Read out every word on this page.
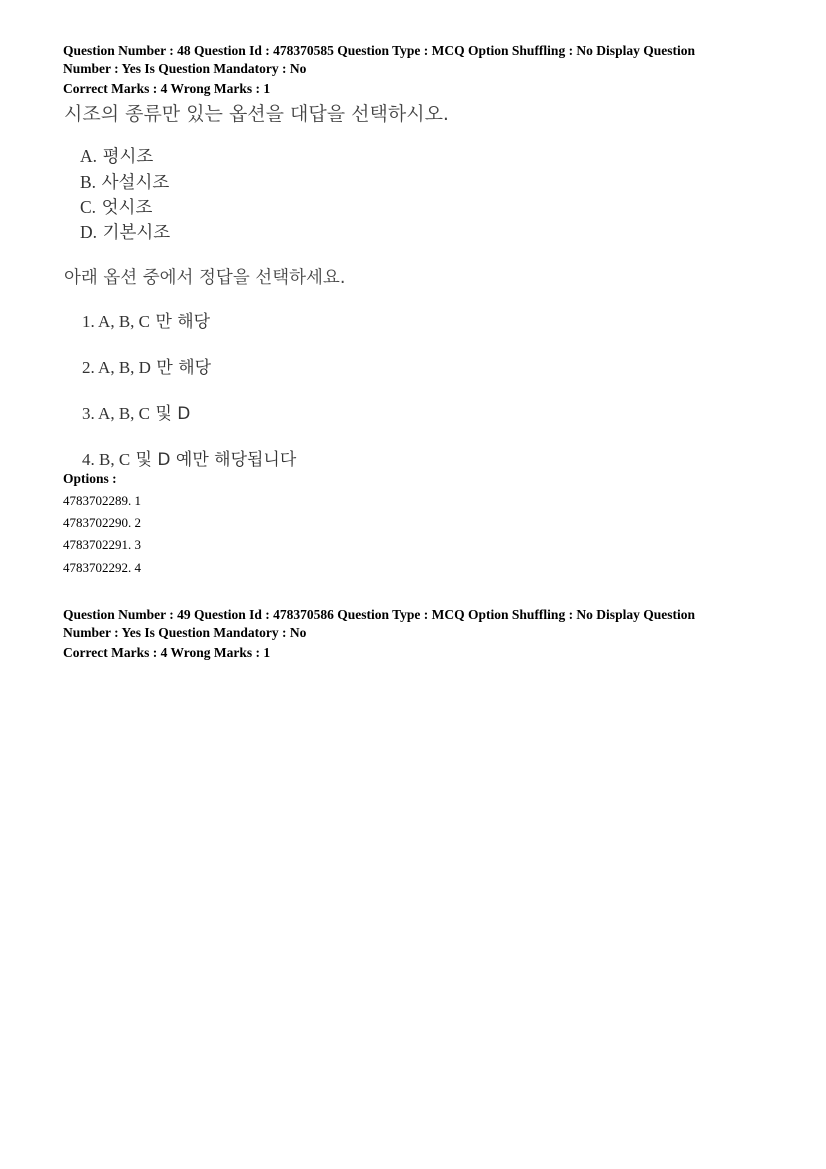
Question Number : 48 Question Id : 478370585 Question Type : MCQ Option Shuffling : No Display Question
Number : Yes Is Question Mandatory : No
Correct Marks : 4 Wrong Marks : 1
시조의 종류만 있는 옵션을 대답을 선택하시오.
A. 평시조
B. 사설시조
C. 엇시조
D. 기본시조
아래 옵션 중에서 정답을 선택하세요.
1. A, B, C 만 해당
2. A, B, D 만 해당
3. A, B, C 및 D
4. B, C 및 D 예만 해당됩니다
Options :
4783702289. 1
4783702290. 2
4783702291. 3
4783702292. 4
Question Number : 49 Question Id : 478370586 Question Type : MCQ Option Shuffling : No Display Question
Number : Yes Is Question Mandatory : No
Correct Marks : 4 Wrong Marks : 1
